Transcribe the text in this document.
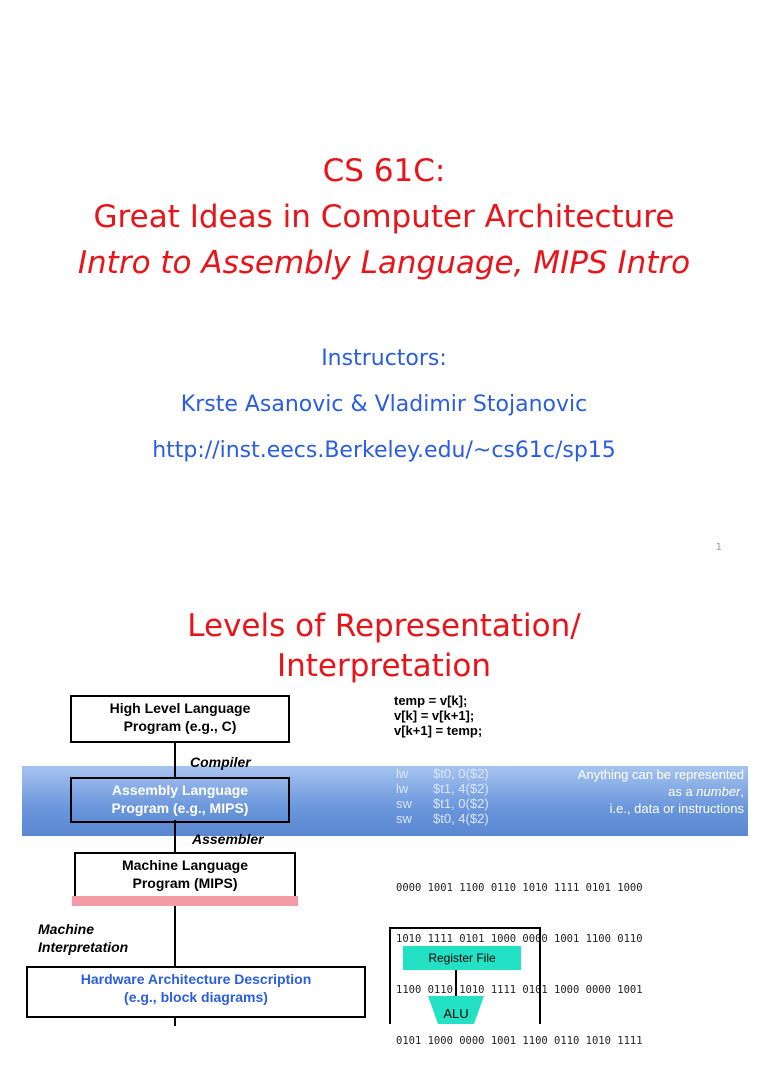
CS 61C:
Great Ideas in Computer Architecture
Intro to Assembly Language, MIPS Intro
Instructors:
Krste Asanovic & Vladimir Stojanovic
http://inst.eecs.Berkeley.edu/~cs61c/sp15
1
Levels of Representation/
Interpretation
High Level Language
Program (e.g., C)
Compiler
Assembly Language
Program (e.g., MIPS)
Assembler
Machine Language
Program (MIPS)
Machine
Interpretation
Hardware Architecture Description
(e.g., block diagrams)
temp = v[k];
v[k] = v[k+1];
v[k+1] = temp;
lw $t0, 0($2)
lw $t1, 4($2)
sw $t1, 0($2)
sw $t0, 4($2)
Anything can be represented
as a number,
i.e., data or instructions

0000 1001 1100 0110 1010 1111 0101 1000

1010 1111 0101 1000 0000 1001 1100 0110

1100 0110 1010 1111 0101 1000 0000 1001

0101 1000 0000 1001 1100 0110 1010 1111

ALU
Register File
